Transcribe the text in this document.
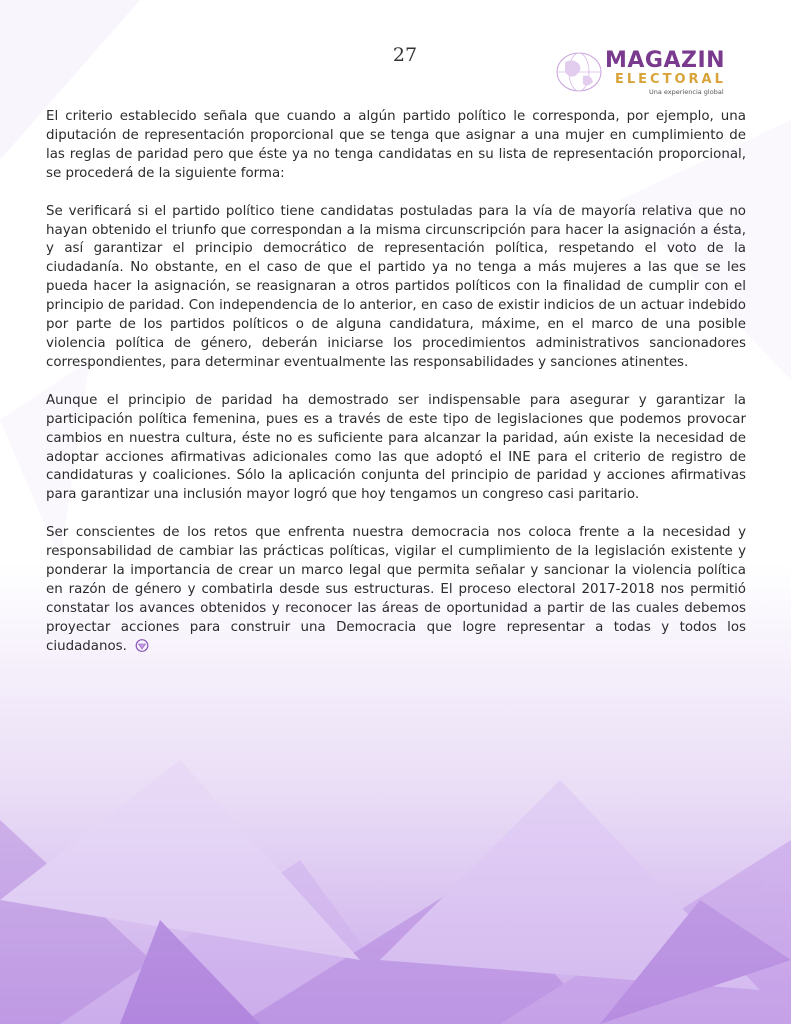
27	MAGAZIN
ELECTORAL
Una experiencia global

El criterio establecido señala que cuando a algún partido político le corresponda, por ejemplo, una diputación de representación proporcional que se tenga que asignar a una mujer en cumplimiento de las reglas de paridad pero que éste ya no tenga candidatas en su lista de representación proporcional, se procederá de la siguiente forma:

Se verificará si el partido político tiene candidatas postuladas para la vía de mayoría relativa que no hayan obtenido el triunfo que correspondan a la misma circunscripción para hacer la asignación a ésta, y así garantizar el principio democrático de representación política, respetando el voto de la ciudadanía. No obstante, en el caso de que el partido ya no tenga a más mujeres a las que se les pueda hacer la asignación, se reasignaran a otros partidos políticos con la finalidad de cumplir con el principio de paridad. Con independencia de lo anterior, en caso de existir indicios de un actuar indebido por parte de los partidos políticos o de alguna candidatura, máxime, en el marco de una posible violencia política de género, deberán iniciarse los procedimientos administrativos sancionadores correspondientes, para determinar eventualmente las responsabilidades y sanciones atinentes.

Aunque el principio de paridad ha demostrado ser indispensable para asegurar y garantizar la participación política femenina, pues es a través de este tipo de legislaciones que podemos provocar cambios en nuestra cultura, éste no es suficiente para alcanzar la paridad, aún existe la necesidad de adoptar acciones afirmativas adicionales como las que adoptó el INE para el criterio de registro de candidaturas y coaliciones. Sólo la aplicación conjunta del principio de paridad y acciones afirmativas para garantizar una inclusión mayor logró que hoy tengamos un congreso casi paritario.

Ser conscientes de los retos que enfrenta nuestra democracia nos coloca frente a la necesidad y responsabilidad de cambiar las prácticas políticas, vigilar el cumplimiento de la legislación existente y ponderar la importancia de crear un marco legal que permita señalar y sancionar la violencia política en razón de género y combatirla desde sus estructuras. El proceso electoral 2017-2018 nos permitió constatar los avances obtenidos y reconocer las áreas de oportunidad a partir de las cuales debemos proyectar acciones para construir una Democracia que logre representar a todas y todos los ciudadanos.
